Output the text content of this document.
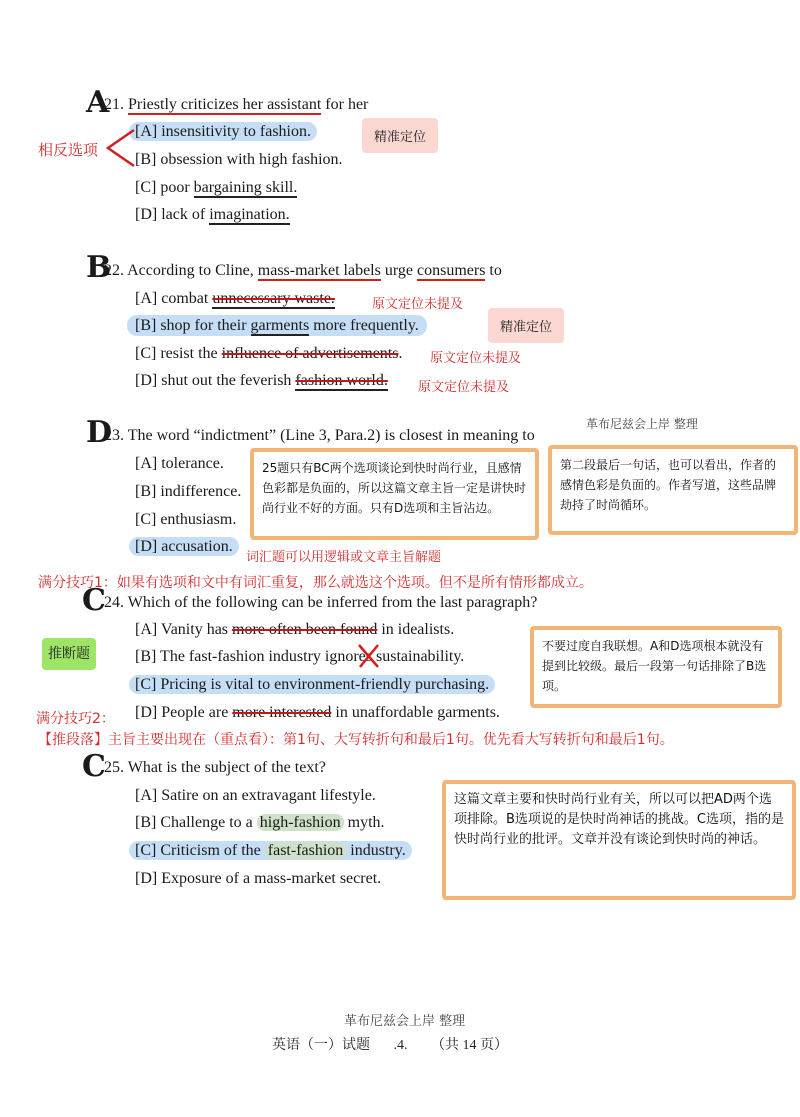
A
21. Priestly criticizes her assistant for her
[A] insensitivity to fashion.
[B] obsession with high fashion.
[C] poor bargaining skill.
[D] lack of imagination.
相反选项
精准定位
B
22. According to Cline, mass-market labels urge consumers to
[A] combat unnecessary waste.	原文定位未提及
[B] shop for their garments more frequently.	精准定位
[C] resist the influence of advertisements. 原文定位未提及
[D] shut out the feverish fashion world. 原文定位未提及
D
23. The word “indictment” (Line 3, Para.2) is closest in meaning to
革布尼兹会上岸 整理
[A] tolerance.
[B] indifference.
[C] enthusiasm.
[D] accusation.
25题只有BC两个选项谈论到快时尚行业，且感情色彩都是负面的，所以这篇文章主旨一定是讲快时尚行业不好的方面。只有D选项和主旨沾边。
第二段最后一句话，也可以看出，作者的感情色彩是负面的。作者写道，这些品牌劫持了时尚循环。
词汇题可以用逻辑或文章主旨解题
满分技巧1：如果有选项和文中有词汇重复，那么就选这个选项。但不是所有情形都成立。
C
24. Which of the following can be inferred from the last paragraph?
[A] Vanity has more often been found in idealists.
推断题	[B] The fast-fashion industry ignores sustainability.
[C] Pricing is vital to environment-friendly purchasing.
不要过度自我联想。A和D选项根本就没有提到比较级。最后一段第一句话排除了B选项。
满分技巧2： [D] People are more interested in unaffordable garments.
【推段落】主旨主要出现在（重点看）：第1句、大写转折句和最后1句。优先看大写转折句和最后1句。
C
25. What is the subject of the text?
[A] Satire on an extravagant lifestyle.
[B] Challenge to a high-fashion myth.
[C] Criticism of the fast-fashion industry.
[D] Exposure of a mass-market secret.
这篇文章主要和快时尚行业有关，所以可以把AD两个选项排除。B选项说的是快时尚神话的挑战。C选项，指的是快时尚行业的批评。文章并没有谈论到快时尚的神话。
革布尼兹会上岸 整理
英语（一）试题 .4. （共 14 页）
